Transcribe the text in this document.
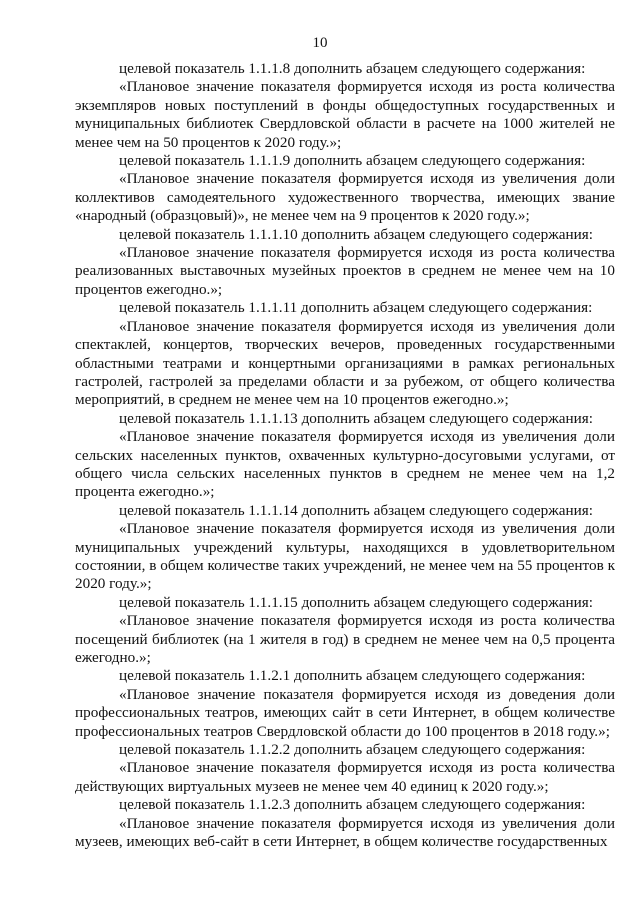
10

целевой показатель 1.1.1.8 дополнить абзацем следующего содержания:

«Плановое значение показателя формируется исходя из роста количества экземпляров новых поступлений в фонды общедоступных государственных и муниципальных библиотек Свердловской области в расчете на 1000 жителей не менее чем на 50 процентов к 2020 году.»;

целевой показатель 1.1.1.9 дополнить абзацем следующего содержания:

«Плановое значение показателя формируется исходя из увеличения доли коллективов самодеятельного художественного творчества, имеющих звание «народный (образцовый)», не менее чем на 9 процентов к 2020 году.»;

целевой показатель 1.1.1.10 дополнить абзацем следующего содержания:

«Плановое значение показателя формируется исходя из роста количества реализованных выставочных музейных проектов в среднем не менее чем на 10 процентов ежегодно.»;

целевой показатель 1.1.1.11 дополнить абзацем следующего содержания:

«Плановое значение показателя формируется исходя из увеличения доли спектаклей, концертов, творческих вечеров, проведенных государственными областными театрами и концертными организациями в рамках региональных гастролей, гастролей за пределами области и за рубежом, от общего количества мероприятий, в среднем не менее чем на 10 процентов ежегодно.»;

целевой показатель 1.1.1.13 дополнить абзацем следующего содержания:

«Плановое значение показателя формируется исходя из увеличения доли сельских населенных пунктов, охваченных культурно-досуговыми услугами, от общего числа сельских населенных пунктов в среднем не менее чем на 1,2 процента ежегодно.»;

целевой показатель 1.1.1.14 дополнить абзацем следующего содержания:

«Плановое значение показателя формируется исходя из увеличения доли муниципальных учреждений культуры, находящихся в удовлетворительном состоянии, в общем количестве таких учреждений, не менее чем на 55 процентов к 2020 году.»;

целевой показатель 1.1.1.15 дополнить абзацем следующего содержания:

«Плановое значение показателя формируется исходя из роста количества посещений библиотек (на 1 жителя в год) в среднем не менее чем на 0,5 процента ежегодно.»;

целевой показатель 1.1.2.1 дополнить абзацем следующего содержания:

«Плановое значение показателя формируется исходя из доведения доли профессиональных театров, имеющих сайт в сети Интернет, в общем количестве профессиональных театров Свердловской области до 100 процентов в 2018 году.»;

целевой показатель 1.1.2.2 дополнить абзацем следующего содержания:

«Плановое значение показателя формируется исходя из роста количества действующих виртуальных музеев не менее чем 40 единиц к 2020 году.»;

целевой показатель 1.1.2.3 дополнить абзацем следующего содержания:

«Плановое значение показателя формируется исходя из увеличения доли музеев, имеющих веб-сайт в сети Интернет, в общем количестве государственных
